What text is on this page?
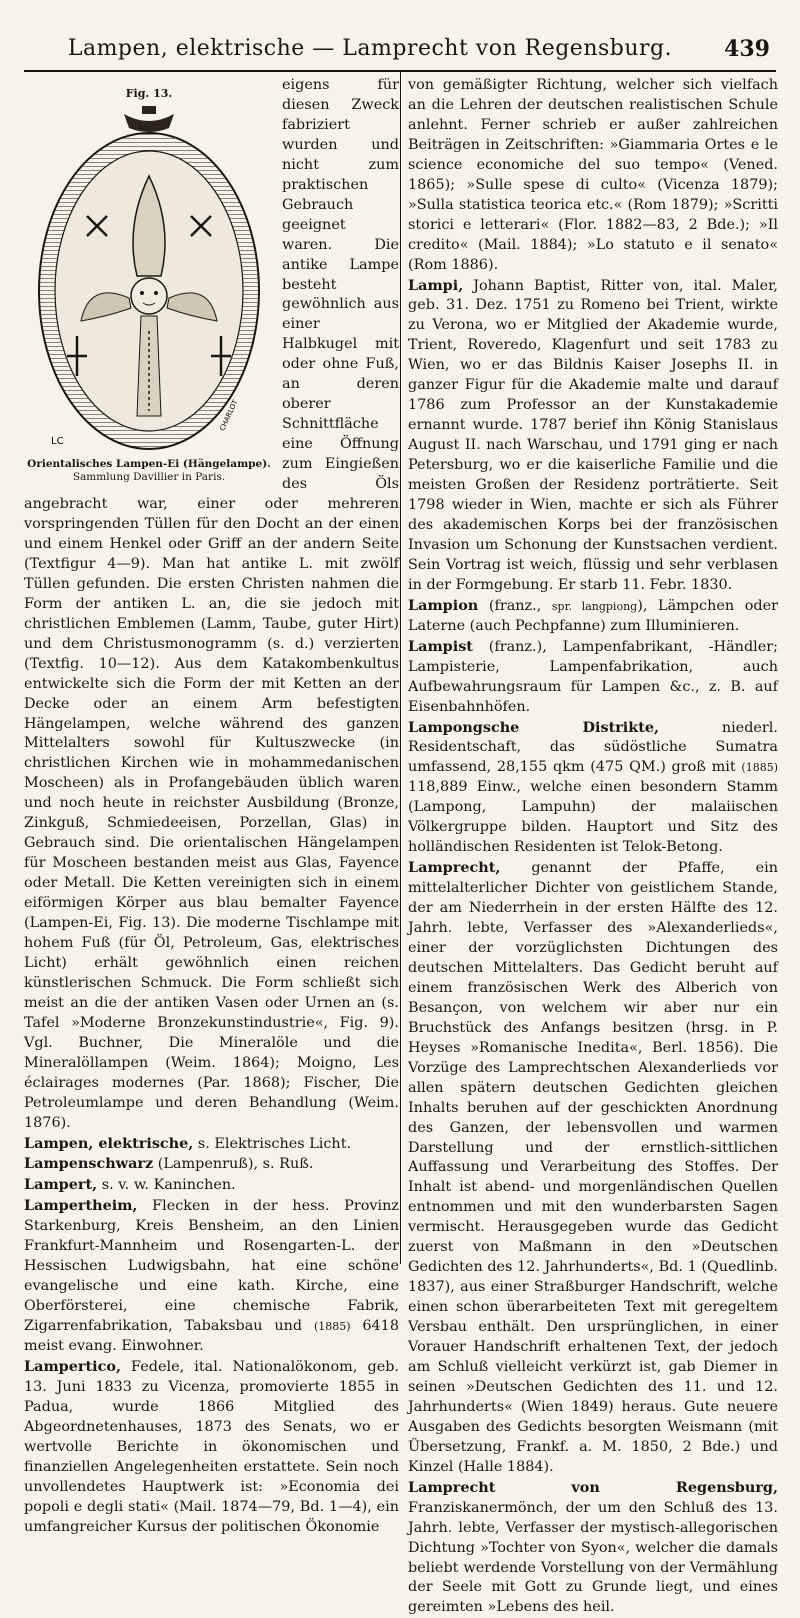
Lampen, elektrische — Lamprecht von Regensburg.	439
Fig. 13.
LC
CHARLOT
Orientalisches Lampen-Ei (Hängelampe).
Sammlung Davillier in Paris.

eigens für diesen Zweck fabriziert wurden und nicht zum praktischen Gebrauch geeignet waren. Die antike Lampe besteht gewöhnlich aus einer Halbkugel mit oder ohne Fuß, an deren oberer Schnittfläche eine Öffnung zum Eingießen des Öls angebracht war, einer oder mehreren vorspringenden Tüllen für den Docht an der einen und einem Henkel oder Griff an der andern Seite (Textfigur 4—9). Man hat antike L. mit zwölf Tüllen gefunden. Die ersten Christen nahmen die Form der antiken L. an, die sie jedoch mit christlichen Emblemen (Lamm, Taube, guter Hirt) und dem Christusmonogramm (s. d.) verzierten (Textfig. 10—12). Aus dem Katakombenkultus entwickelte sich die Form der mit Ketten an der Decke oder an einem Arm befestigten Hängelampen, welche während des ganzen Mittelalters sowohl für Kultuszwecke (in christlichen Kirchen wie in mohammedanischen Moscheen) als in Profangebäuden üblich waren und noch heute in reichster Ausbildung (Bronze, Zinkguß, Schmiedeeisen, Porzellan, Glas) in Gebrauch sind. Die orientalischen Hängelampen für Moscheen bestanden meist aus Glas, Fayence oder Metall. Die Ketten vereinigten sich in einem eiförmigen Körper aus blau bemalter Fayence (Lampen-Ei, Fig. 13). Die moderne Tischlampe mit hohem Fuß (für Öl, Petroleum, Gas, elektrisches Licht) erhält gewöhnlich einen reichen künstlerischen Schmuck. Die Form schließt sich meist an die der antiken Vasen oder Urnen an (s. Tafel »Moderne Bronzekunstindustrie«, Fig. 9). Vgl. Buchner, Die Mineralöle und die Mineralöllampen (Weim. 1864); Moigno, Les éclairages modernes (Par. 1868); Fischer, Die Petroleumlampe und deren Behandlung (Weim. 1876).

Lampen, elektrische, s. Elektrisches Licht.

Lampenschwarz (Lampenruß), s. Ruß.

Lampert, s. v. w. Kaninchen.

Lampertheim, Flecken in der hess. Provinz Starkenburg, Kreis Bensheim, an den Linien Frankfurt-Mannheim und Rosengarten-L. der Hessischen Ludwigsbahn, hat eine schöne evangelische und eine kath. Kirche, eine Oberförsterei, eine chemische Fabrik, Zigarrenfabrikation, Tabaksbau und (1885) 6418 meist evang. Einwohner.

Lampertico, Fedele, ital. Nationalökonom, geb. 13. Juni 1833 zu Vicenza, promovierte 1855 in Padua, wurde 1866 Mitglied des Abgeordnetenhauses, 1873 des Senats, wo er wertvolle Berichte in ökonomischen und finanziellen Angelegenheiten erstattete. Sein noch unvollendetes Hauptwerk ist: »Economia dei popoli e degli stati« (Mail. 1874—79, Bd. 1—4), ein umfangreicher Kursus der politischen Ökonomie

von gemäßigter Richtung, welcher sich vielfach an die Lehren der deutschen realistischen Schule anlehnt. Ferner schrieb er außer zahlreichen Beiträgen in Zeitschriften: »Giammaria Ortes e le science economiche del suo tempo« (Vened. 1865); »Sulle spese di culto« (Vicenza 1879); »Sulla statistica teorica etc.« (Rom 1879); »Scritti storici e letterari« (Flor. 1882—83, 2 Bde.); »Il credito« (Mail. 1884); »Lo statuto e il senato« (Rom 1886).

Lampi, Johann Baptist, Ritter von, ital. Maler, geb. 31. Dez. 1751 zu Romeno bei Trient, wirkte zu Verona, wo er Mitglied der Akademie wurde, Trient, Roveredo, Klagenfurt und seit 1783 zu Wien, wo er das Bildnis Kaiser Josephs II. in ganzer Figur für die Akademie malte und darauf 1786 zum Professor an der Kunstakademie ernannt wurde. 1787 berief ihn König Stanislaus August II. nach Warschau, und 1791 ging er nach Petersburg, wo er die kaiserliche Familie und die meisten Großen der Residenz porträtierte. Seit 1798 wieder in Wien, machte er sich als Führer des akademischen Korps bei der französischen Invasion um Schonung der Kunstsachen verdient. Sein Vortrag ist weich, flüssig und sehr verblasen in der Formgebung. Er starb 11. Febr. 1830.

Lampion (franz., spr. langpiong), Lämpchen oder Laterne (auch Pechpfanne) zum Illuminieren.

Lampist (franz.), Lampenfabrikant, -Händler; Lampisterie, Lampenfabrikation, auch Aufbewahrungsraum für Lampen &c., z. B. auf Eisenbahnhöfen.

Lampongsche Distrikte, niederl. Residentschaft, das südöstliche Sumatra umfassend, 28,155 qkm (475 QM.) groß mit (1885) 118,889 Einw., welche einen besondern Stamm (Lampong, Lampuhn) der malaiischen Völkergruppe bilden. Hauptort und Sitz des holländischen Residenten ist Telok-Betong.

Lamprecht, genannt der Pfaffe, ein mittelalterlicher Dichter von geistlichem Stande, der am Niederrhein in der ersten Hälfte des 12. Jahrh. lebte, Verfasser des »Alexanderlieds«, einer der vorzüglichsten Dichtungen des deutschen Mittelalters. Das Gedicht beruht auf einem französischen Werk des Alberich von Besançon, von welchem wir aber nur ein Bruchstück des Anfangs besitzen (hrsg. in P. Heyses »Romanische Inedita«, Berl. 1856). Die Vorzüge des Lamprechtschen Alexanderlieds vor allen spätern deutschen Gedichten gleichen Inhalts beruhen auf der geschickten Anordnung des Ganzen, der lebensvollen und warmen Darstellung und der ernstlich-sittlichen Auffassung und Verarbeitung des Stoffes. Der Inhalt ist abend- und morgenländischen Quellen entnommen und mit den wunderbarsten Sagen vermischt. Herausgegeben wurde das Gedicht zuerst von Maßmann in den »Deutschen Gedichten des 12. Jahrhunderts«, Bd. 1 (Quedlinb. 1837), aus einer Straßburger Handschrift, welche einen schon überarbeiteten Text mit geregeltem Versbau enthält. Den ursprünglichen, in einer Vorauer Handschrift erhaltenen Text, der jedoch am Schluß vielleicht verkürzt ist, gab Diemer in seinen »Deutschen Gedichten des 11. und 12. Jahrhunderts« (Wien 1849) heraus. Gute neuere Ausgaben des Gedichts besorgten Weismann (mit Übersetzung, Frankf. a. M. 1850, 2 Bde.) und Kinzel (Halle 1884).

Lamprecht von Regensburg, Franziskanermönch, der um den Schluß des 13. Jahrh. lebte, Verfasser der mystisch-allegorischen Dichtung »Tochter von Syon«, welcher die damals beliebt werdende Vorstellung von der Vermählung der Seele mit Gott zu Grunde liegt, und eines gereimten »Lebens des heil.
